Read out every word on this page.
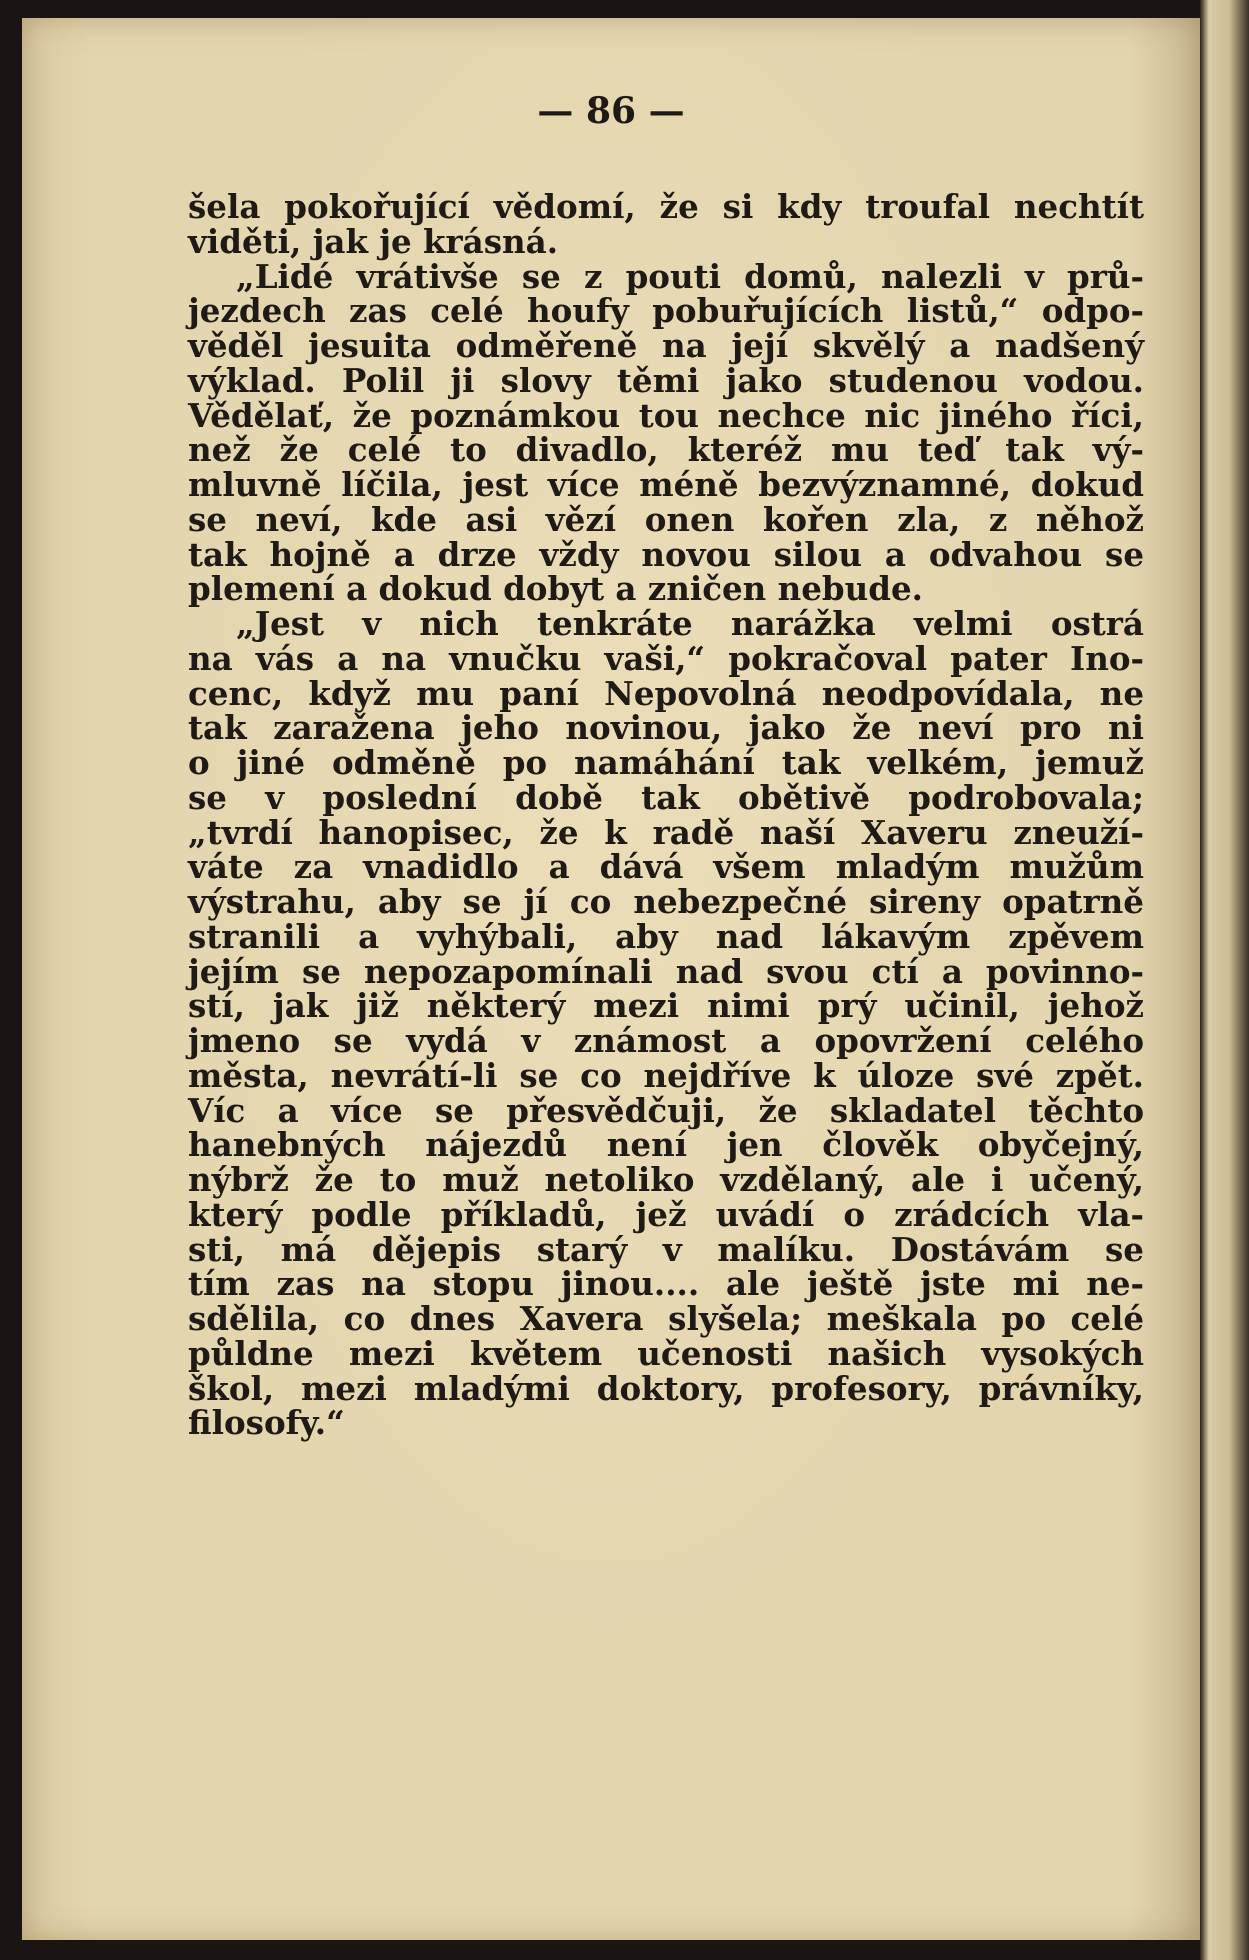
— 86 —
šela pokořující vědomí, že si kdy troufal nechtít
viděti, jak je krásná.
„Lidé vrátivše se z pouti domů, nalezli v prů-
jezdech zas celé houfy pobuřujících listů,“ odpo-
věděl jesuita odměřeně na její skvělý a nadšený
výklad. Polil ji slovy těmi jako studenou vodou.
Vědělať, že poznámkou tou nechce nic jiného říci,
než že celé to divadlo, kteréž mu teď tak vý-
mluvně líčila, jest více méně bezvýznamné, dokud
se neví, kde asi vězí onen kořen zla, z něhož
tak hojně a drze vždy novou silou a odvahou se
plemení a dokud dobyt a zničen nebude.
„Jest v nich tenkráte narážka velmi ostrá
na vás a na vnučku vaši,“ pokračoval pater Ino-
cenc, když mu paní Nepovolná neodpovídala, ne
tak zaražena jeho novinou, jako že neví pro ni
o jiné odměně po namáhání tak velkém, jemuž
se v poslední době tak obětivě podrobovala;
„tvrdí hanopisec, že k radě naší Xaveru zneuží-
váte za vnadidlo a dává všem mladým mužům
výstrahu, aby se jí co nebezpečné sireny opatrně
stranili a vyhýbali, aby nad lákavým zpěvem
jejím se nepozapomínali nad svou ctí a povinno-
stí, jak již některý mezi nimi prý učinil, jehož
jmeno se vydá v známost a opovržení celého
města, nevrátí-li se co nejdříve k úloze své zpět.
Víc a více se přesvědčuji, že skladatel těchto
hanebných nájezdů není jen člověk obyčejný,
nýbrž že to muž netoliko vzdělaný, ale i učený,
který podle příkladů, jež uvádí o zrádcích vla-
sti, má dějepis starý v malíku. Dostávám se
tím zas na stopu jinou.... ale ještě jste mi ne-
sdělila, co dnes Xavera slyšela; meškala po celé
půldne mezi květem učenosti našich vysokých
škol, mezi mladými doktory, profesory, právníky,
filosofy.“
